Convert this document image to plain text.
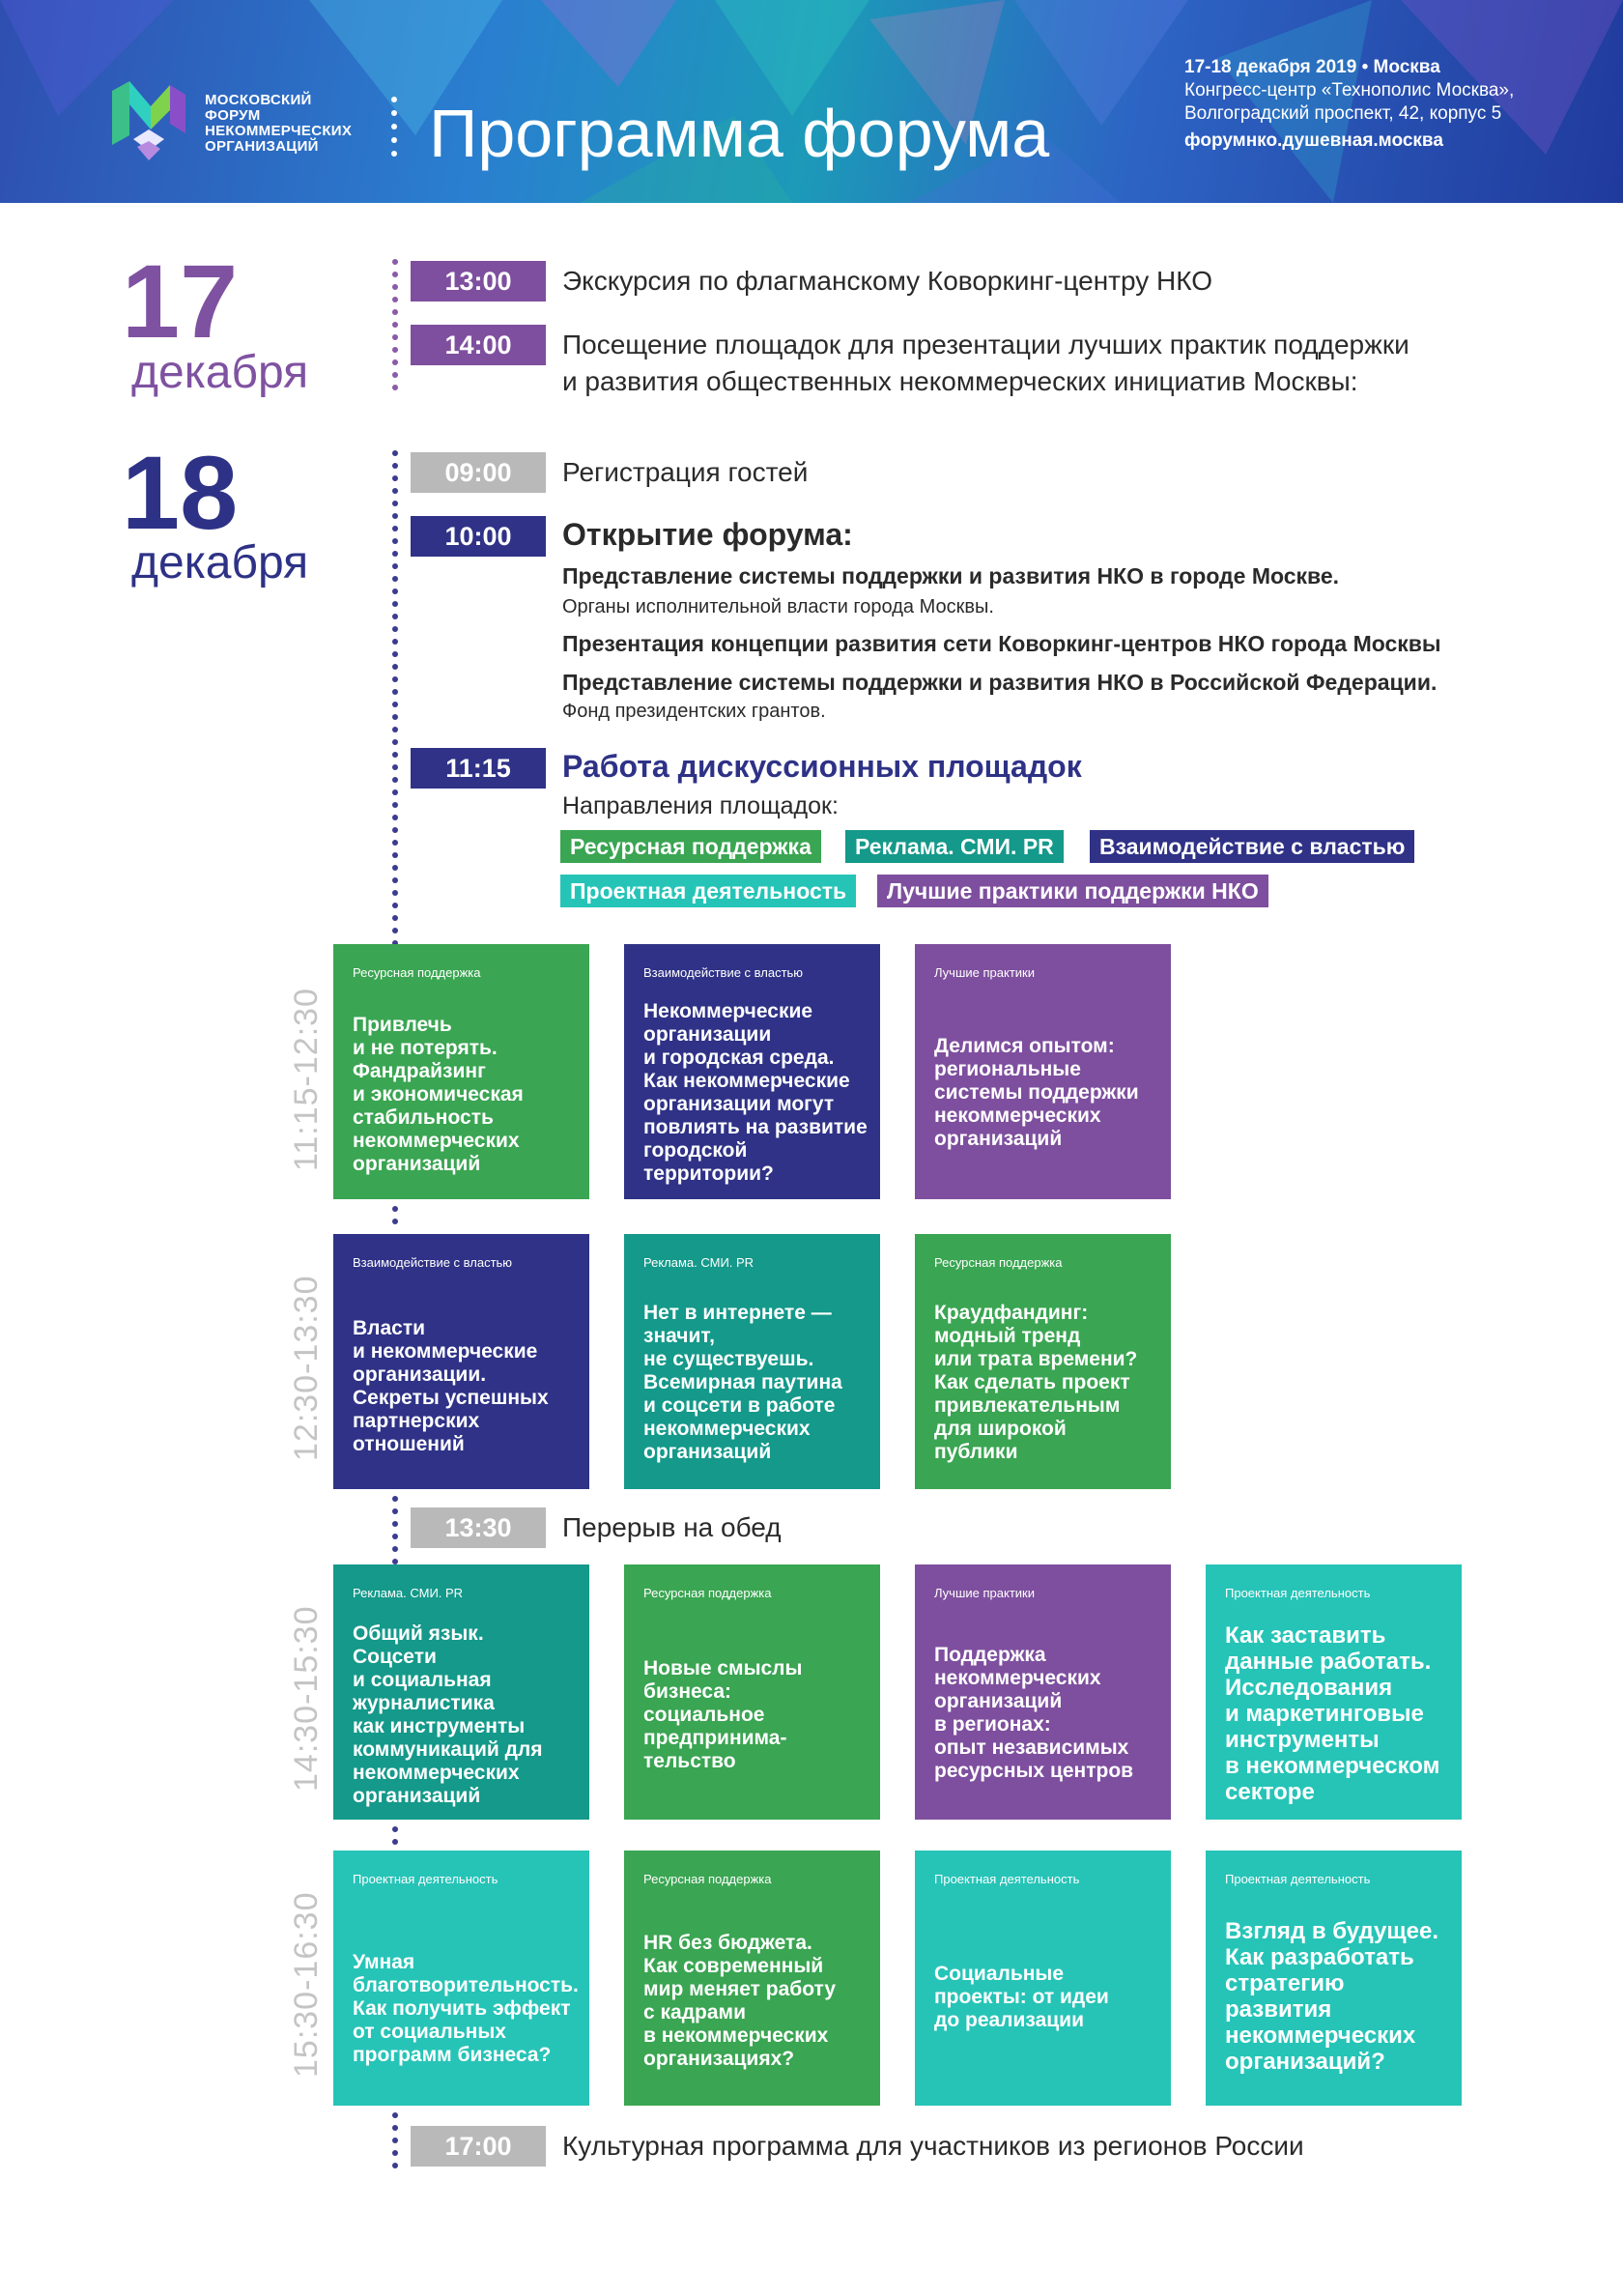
МОСКОВСКИЙ
ФОРУМ
НЕКОММЕРЧЕСКИХ
ОРГАНИЗАЦИЙ	Программа форума
17-18 декабря 2019 • Москва
Конгресс-центр «Технополис Москва»,
Волгоградский проспект, 42, корпус 5
форумнко.душевная.москва
17
декабря
13:00	Экскурсия по флагманскому Коворкинг-центру НКО
14:00	Посещение площадок для презентации лучших практик поддержки
и развития общественных некоммерческих инициатив Москвы:
18
декабря
09:00	Регистрация гостей
10:00	Открытие форума:
Представление системы поддержки и развития НКО в городе Москве.
Органы исполнительной власти города Москвы.
Презентация концепции развития сети Коворкинг-центров НКО города Москвы
Представление системы поддержки и развития НКО в Российской Федерации.
Фонд президентских грантов.
11:15	Работа дискуссионных площадок
Направления площадок:
Ресурсная поддержка	Реклама. СМИ. PR	Взаимодействие с властью
Проектная деятельность	Лучшие практики поддержки НКО
11:15-12:30
Ресурсная поддержка
Привлечь
и не потерять.
Фандрайзинг
и экономическая
стабильность
некоммерческих
организаций
Взаимодействие с властью
Некоммерческие
организации
и городская среда.
Как некоммерческие
организации могут
повлиять на развитие
городской
территории?
Лучшие практики
Делимся опытом:
региональные
системы поддержки
некоммерческих
организаций
12:30-13:30
Взаимодействие с властью
Власти
и некоммерческие
организации.
Секреты успешных
партнерских
отношений
Реклама. СМИ. PR
Нет в интернете —
значит,
не существуешь.
Всемирная паутина
и соцсети в работе
некоммерческих
организаций
Ресурсная поддержка
Краудфандинг:
модный тренд
или трата времени?
Как сделать проект
привлекательным
для широкой
публики
13:30	Перерыв на обед
14:30-15:30
Реклама. СМИ. PR
Общий язык.
Соцсети
и социальная
журналистика
как инструменты
коммуникаций для
некоммерческих
организаций
Ресурсная поддержка
Новые смыслы
бизнеса:
социальное
предпринима-
тельство
Лучшие практики
Поддержка
некоммерческих
организаций
в регионах:
опыт независимых
ресурсных центров
Проектная деятельность
Как заставить
данные работать.
Исследования
и маркетинговые
инструменты
в некоммерческом
секторе
15:30-16:30
Проектная деятельность
Умная
благотворительность.
Как получить эффект
от социальных
программ бизнеса?
Ресурсная поддержка
HR без бюджета.
Как современный
мир меняет работу
с кадрами
в некоммерческих
организациях?
Проектная деятельность
Социальные
проекты: от идеи
до реализации
Проектная деятельность
Взгляд в будущее.
Как разработать
стратегию
развития
некоммерческих
организаций?
17:00	Культурная программа для участников из регионов России
